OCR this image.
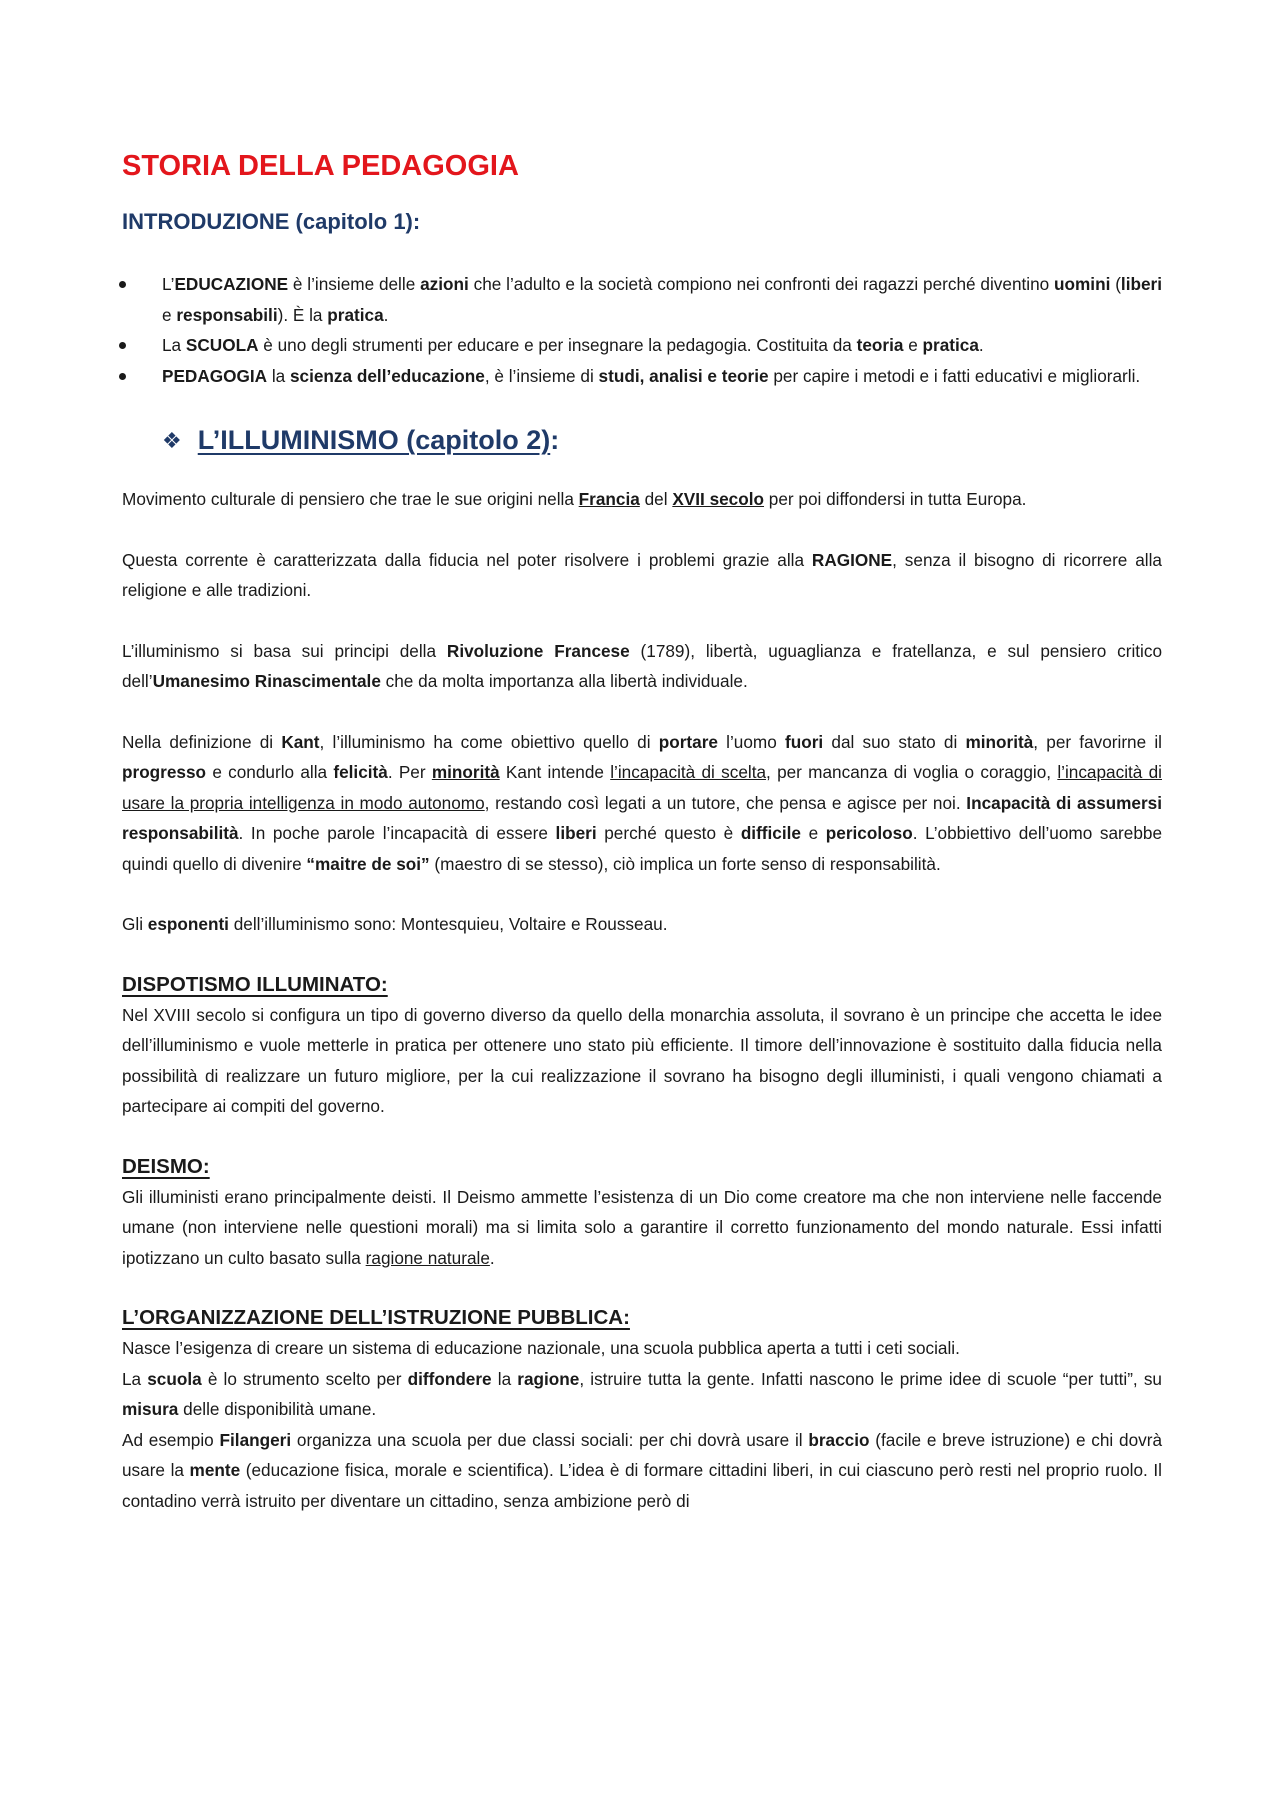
STORIA DELLA PEDAGOGIA
INTRODUZIONE (capitolo 1):
L’EDUCAZIONE è l’insieme delle azioni che l’adulto e la società compiono nei confronti dei ragazzi perché diventino uomini (liberi e responsabili). È la pratica.
La SCUOLA è uno degli strumenti per educare e per insegnare la pedagogia. Costituita da teoria e pratica.
PEDAGOGIA la scienza dell’educazione, è l’insieme di studi, analisi e teorie per capire i metodi e i fatti educativi e migliorarli.
❖ L’ILLUMINISMO (capitolo 2) :

Movimento culturale di pensiero che trae le sue origini nella Francia del XVII secolo per poi diffondersi in tutta Europa.

Questa corrente è caratterizzata dalla fiducia nel poter risolvere i problemi grazie alla RAGIONE, senza il bisogno di ricorrere alla religione e alle tradizioni.

L’illuminismo si basa sui principi della Rivoluzione Francese (1789), libertà, uguaglianza e fratellanza, e sul pensiero critico dell’Umanesimo Rinascimentale che da molta importanza alla libertà individuale.

Nella definizione di Kant, l’illuminismo ha come obiettivo quello di portare l’uomo fuori dal suo stato di minorità, per favorirne il progresso e condurlo alla felicità. Per minorità Kant intende l’incapacità di scelta, per mancanza di voglia o coraggio, l’incapacità di usare la propria intelligenza in modo autonomo, restando così legati a un tutore, che pensa e agisce per noi. Incapacità di assumersi responsabilità. In poche parole l’incapacità di essere liberi perché questo è difficile e pericoloso. L’obbiettivo dell’uomo sarebbe quindi quello di divenire “maitre de soi” (maestro di se stesso), ciò implica un forte senso di responsabilità.

Gli esponenti dell’illuminismo sono: Montesquieu, Voltaire e Rousseau.

DISPOTISMO ILLUMINATO:

Nel XVIII secolo si configura un tipo di governo diverso da quello della monarchia assoluta, il sovrano è un principe che accetta le idee dell’illuminismo e vuole metterle in pratica per ottenere uno stato più efficiente. Il timore dell’innovazione è sostituito dalla fiducia nella possibilità di realizzare un futuro migliore, per la cui realizzazione il sovrano ha bisogno degli illuministi, i quali vengono chiamati a partecipare ai compiti del governo.

DEISMO:

Gli illuministi erano principalmente deisti. Il Deismo ammette l’esistenza di un Dio come creatore ma che non interviene nelle faccende umane (non interviene nelle questioni morali) ma si limita solo a garantire il corretto funzionamento del mondo naturale. Essi infatti ipotizzano un culto basato sulla ragione naturale.

L’ORGANIZZAZIONE DELL’ISTRUZIONE PUBBLICA:

Nasce l’esigenza di creare un sistema di educazione nazionale, una scuola pubblica aperta a tutti i ceti sociali.

La scuola è lo strumento scelto per diffondere la ragione, istruire tutta la gente. Infatti nascono le prime idee di scuole “per tutti”, su misura delle disponibilità umane.

Ad esempio Filangeri organizza una scuola per due classi sociali: per chi dovrà usare il braccio (facile e breve istruzione) e chi dovrà usare la mente (educazione fisica, morale e scientifica). L’idea è di formare cittadini liberi, in cui ciascuno però resti nel proprio ruolo. Il contadino verrà istruito per diventare un cittadino, senza ambizione però di
